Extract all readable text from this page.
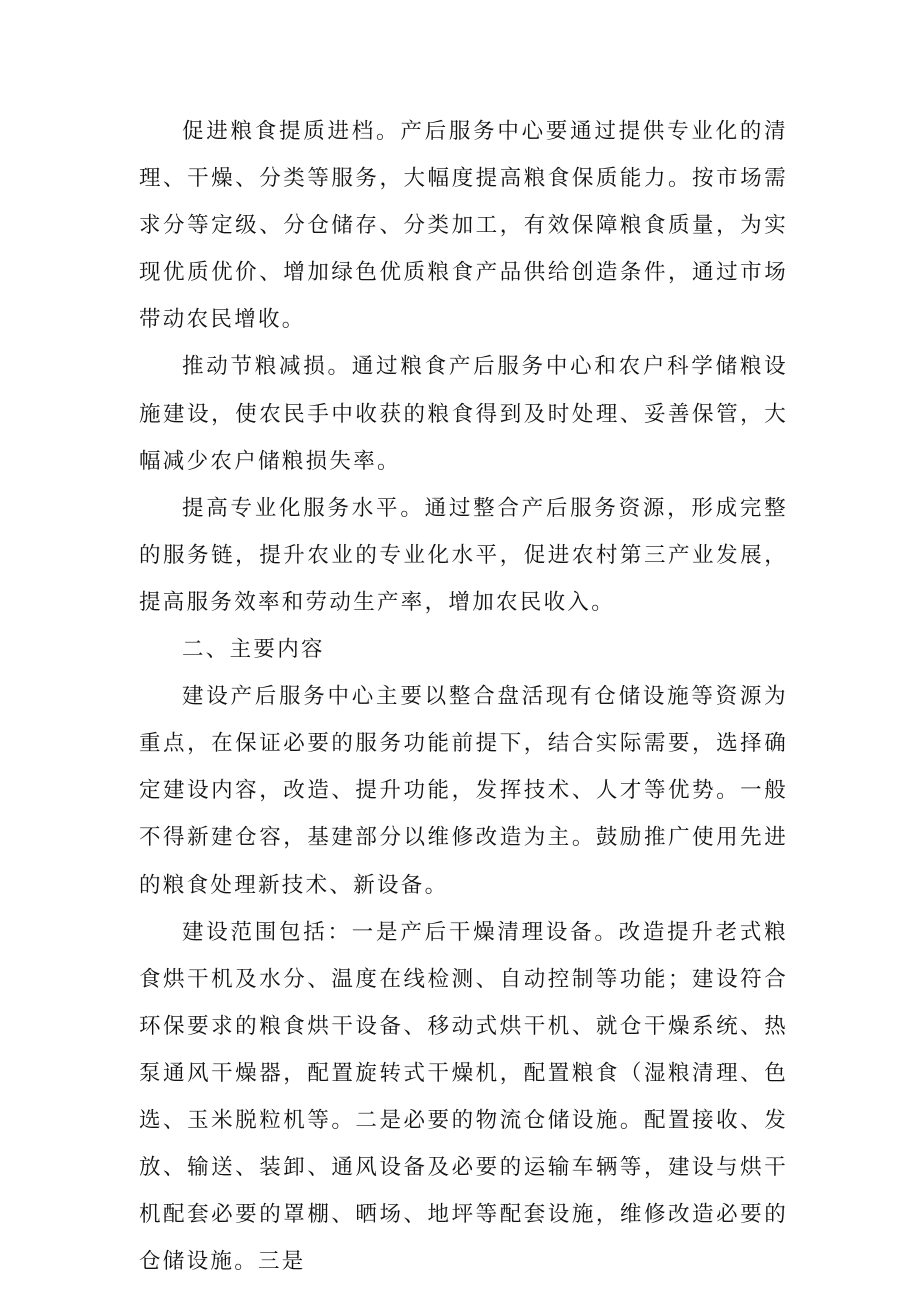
促进粮食提质进档。产后服务中心要通过提供专业化的清理、干燥、分类等服务，大幅度提高粮食保质能力。按市场需求分等定级、分仓储存、分类加工，有效保障粮食质量，为实现优质优价、增加绿色优质粮食产品供给创造条件，通过市场带动农民增收。

推动节粮减损。通过粮食产后服务中心和农户科学储粮设施建设，使农民手中收获的粮食得到及时处理、妥善保管，大幅减少农户储粮损失率。

提高专业化服务水平。通过整合产后服务资源，形成完整的服务链，提升农业的专业化水平，促进农村第三产业发展，提高服务效率和劳动生产率，增加农民收入。

二、主要内容

建设产后服务中心主要以整合盘活现有仓储设施等资源为重点，在保证必要的服务功能前提下，结合实际需要，选择确定建设内容，改造、提升功能，发挥技术、人才等优势。一般不得新建仓容，基建部分以维修改造为主。鼓励推广使用先进的粮食处理新技术、新设备。

建设范围包括：一是产后干燥清理设备。改造提升老式粮食烘干机及水分、温度在线检测、自动控制等功能；建设符合环保要求的粮食烘干设备、移动式烘干机、就仓干燥系统、热泵通风干燥器，配置旋转式干燥机，配置粮食（湿粮清理、色选、玉米脱粒机等。二是必要的物流仓储设施。配置接收、发放、输送、装卸、通风设备及必要的运输车辆等，建设与烘干机配套必要的罩棚、晒场、地坪等配套设施，维修改造必要的仓储设施。三是
